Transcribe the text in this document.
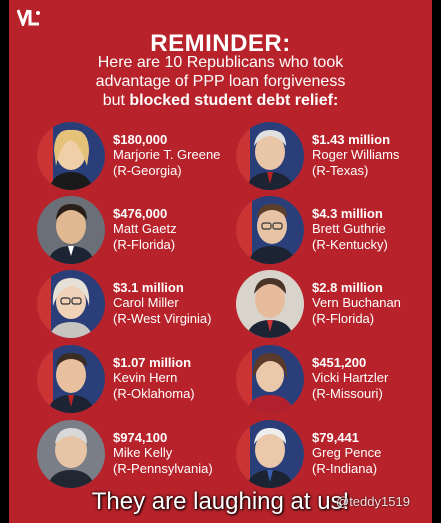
REMINDER:
Here are 10 Republicans who took
advantage of PPP loan forgiveness
but blocked student debt relief:
$180,000
Marjorie T. Greene
(R-Georgia)
$476,000
Matt Gaetz
(R-Florida)
$3.1 million
Carol Miller
(R-West Virginia)
$1.07 million
Kevin Hern
(R-Oklahoma)
$974,100
Mike Kelly
(R-Pennsylvania)
$1.43 million
Roger Williams
(R-Texas)
$4.3 million
Brett Guthrie
(R-Kentucky)
$2.8 million
Vern Buchanan
(R-Florida)
$451,200
Vicki Hartzler
(R-Missouri)
$79,441
Greg Pence
(R-Indiana)
They are laughing at us!
@teddy1519
